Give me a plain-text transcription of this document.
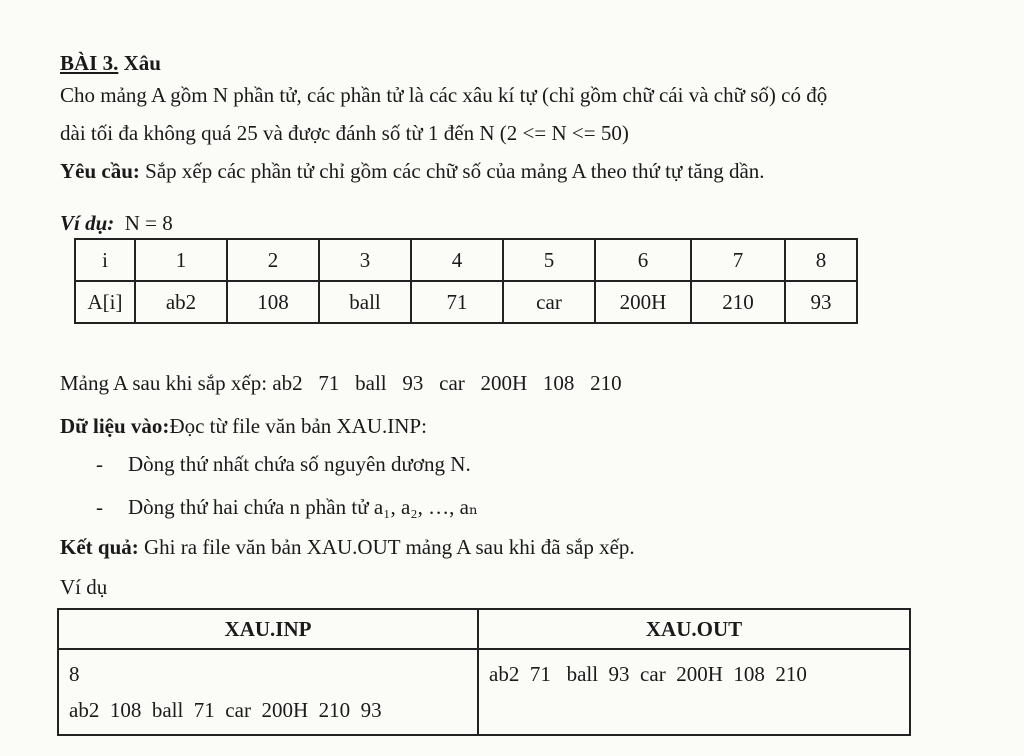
BÀI 3. Xâu
Cho mảng A gồm N phần tử, các phần tử là các xâu kí tự (chỉ gồm chữ cái và chữ số) có độ
dài tối đa không quá 25 và được đánh số từ 1 đến N (2 <= N <= 50)
Yêu cầu: Sắp xếp các phần tử chỉ gồm các chữ số của mảng A theo thứ tự tăng dần.
Ví dụ:  N = 8
i	1	2	3	4	5	6	7	8
A[i]	ab2	108	ball	71	car	200H	210	93
Mảng A sau khi sắp xếp: ab2   71   ball   93   car   200H   108   210
Dữ liệu vào:Đọc từ file văn bản XAU.INP:
- Dòng thứ nhất chứa số nguyên dương N.
- Dòng thứ hai chứa n phần tử a₁, a₂, …, aₙ
Kết quả: Ghi ra file văn bản XAU.OUT mảng A sau khi đã sắp xếp.
Ví dụ
XAU.INP	XAU.OUT

8
ab2  108  ball  71  car  200H  210  93	ab2  71   ball  93  car  200H  108  210
